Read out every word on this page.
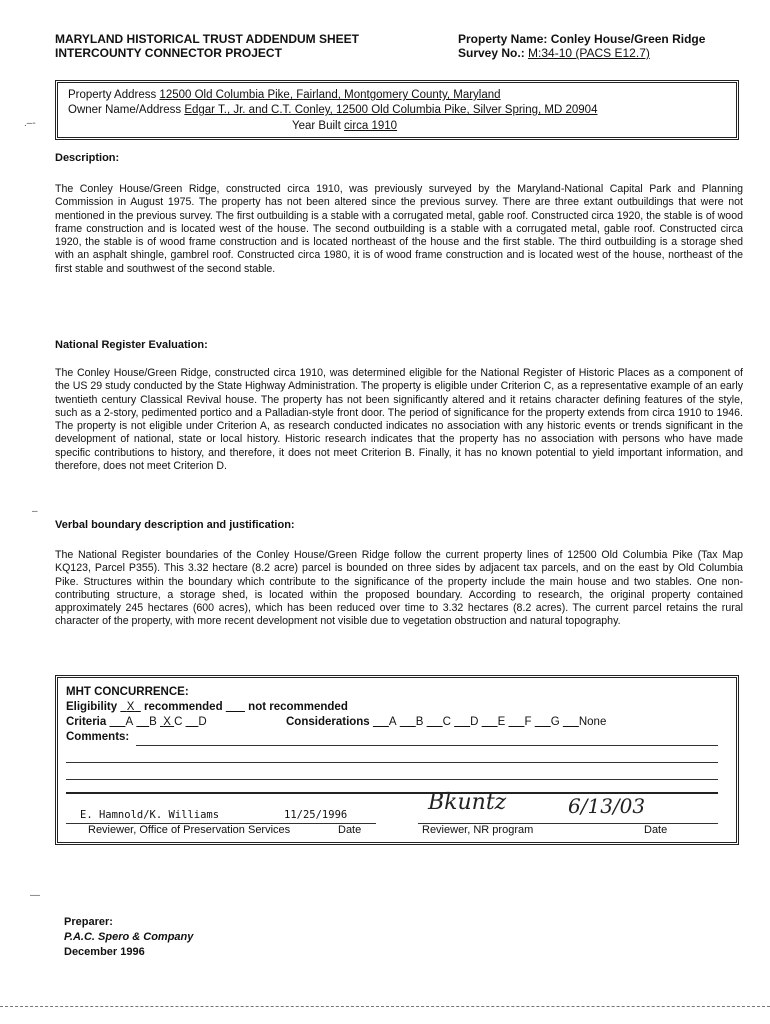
MARYLAND HISTORICAL TRUST ADDENDUM SHEET
INTERCOUNTY CONNECTOR PROJECT
Property Name: Conley House/Green Ridge
Survey No.: M:34-10 (PACS E12.7)
Property Address 12500 Old Columbia Pike, Fairland, Montgomery County, Maryland
Owner Name/Address Edgar T., Jr. and C.T. Conley, 12500 Old Columbia Pike, Silver Spring, MD 20904
Year Built circa 1910
.–-
Description:
The Conley House/Green Ridge, constructed circa 1910, was previously surveyed by the Maryland-National Capital Park and Planning Commission in August 1975. The property has not been altered since the previous survey. There are three extant outbuildings that were not mentioned in the previous survey. The first outbuilding is a stable with a corrugated metal, gable roof. Constructed circa 1920, the stable is of wood frame construction and is located west of the house. The second outbuilding is a stable with a corrugated metal, gable roof. Constructed circa 1920, the stable is of wood frame construction and is located northeast of the house and the first stable. The third outbuilding is a storage shed with an asphalt shingle, gambrel roof. Constructed circa 1980, it is of wood frame construction and is located west of the house, northeast of the first stable and southwest of the second stable.
National Register Evaluation:
The Conley House/Green Ridge, constructed circa 1910, was determined eligible for the National Register of Historic Places as a component of the US 29 study conducted by the State Highway Administration. The property is eligible under Criterion C, as a representative example of an early twentieth century Classical Revival house. The property has not been significantly altered and it retains character defining features of the style, such as a 2-story, pedimented portico and a Palladian-style front door. The period of significance for the property extends from circa 1910 to 1946. The property is not eligible under Criterion A, as research conducted indicates no association with any historic events or trends significant in the development of national, state or local history. Historic research indicates that the property has no association with persons who have made specific contributions to history, and therefore, it does not meet Criterion B. Finally, it has no known potential to yield important information, and therefore, does not meet Criterion D.
–
Verbal boundary description and justification:
The National Register boundaries of the Conley House/Green Ridge follow the current property lines of 12500 Old Columbia Pike (Tax Map KQ123, Parcel P355). This 3.32 hectare (8.2 acre) parcel is bounded on three sides by adjacent tax parcels, and on the east by Old Columbia Pike. Structures within the boundary which contribute to the significance of the property include the main house and two stables. One non-contributing structure, a storage shed, is located within the proposed boundary. According to research, the original property contained approximately 245 hectares (600 acres), which has been reduced over time to 3.32 hectares (8.2 acres). The current parcel retains the rural character of the property, with more recent development not visible due to vegetation obstruction and natural topography.
MHT CONCURRENCE:
Eligibility X recommended not recommended
Criteria A B X C D	Considerations A B C D E F G None
Comments:
E. Hamnold/K. Williams	11/25/1996
Reviewer, Office of Preservation Services	Date
Bkuntz	6/13/03
Reviewer, NR program	Date
—
Preparer:
P.A.C. Spero & Company
December 1996
